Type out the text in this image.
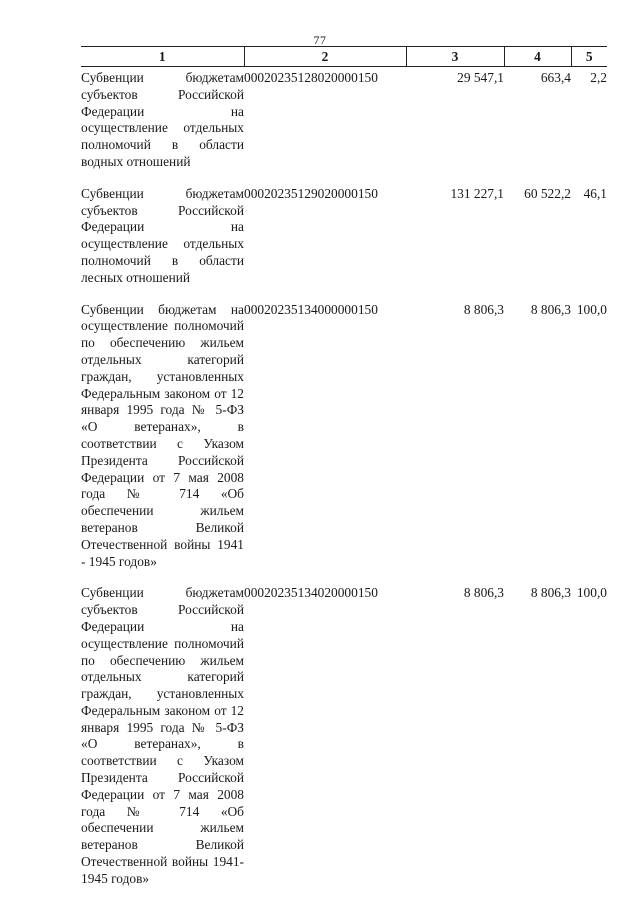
77
1	2	3	4	5
Субвенции бюджетам субъектов Российской Федерации на осуществление отдельных полномочий в области водных отношений	00020235128020000150	29 547,1	663,4	2,2
Субвенции бюджетам субъектов Российской Федерации на осуществление отдельных полномочий в области лесных отношений	00020235129020000150	131 227,1	60 522,2	46,1
Субвенции бюджетам на осуществление полномочий по обеспечению жильем отдельных категорий граждан, установленных Федеральным законом от 12 января 1995 года № 5-ФЗ «О ветеранах», в соответствии с Указом Президента Российской Федерации от 7 мая 2008 года № 714 «Об обеспечении жильем ветеранов Великой Отечественной войны 1941 - 1945 годов»	00020235134000000150	8 806,3	8 806,3	100,0
Субвенции бюджетам субъектов Российской Федерации на осуществление полномочий по обеспечению жильем отдельных категорий граждан, установленных Федеральным законом от 12 января 1995 года № 5-ФЗ «О ветеранах», в соответствии с Указом Президента Российской Федерации от 7 мая 2008 года № 714 «Об обеспечении жильем ветеранов Великой Отечественной войны 1941-1945 годов»	00020235134020000150	8 806,3	8 806,3	100,0
